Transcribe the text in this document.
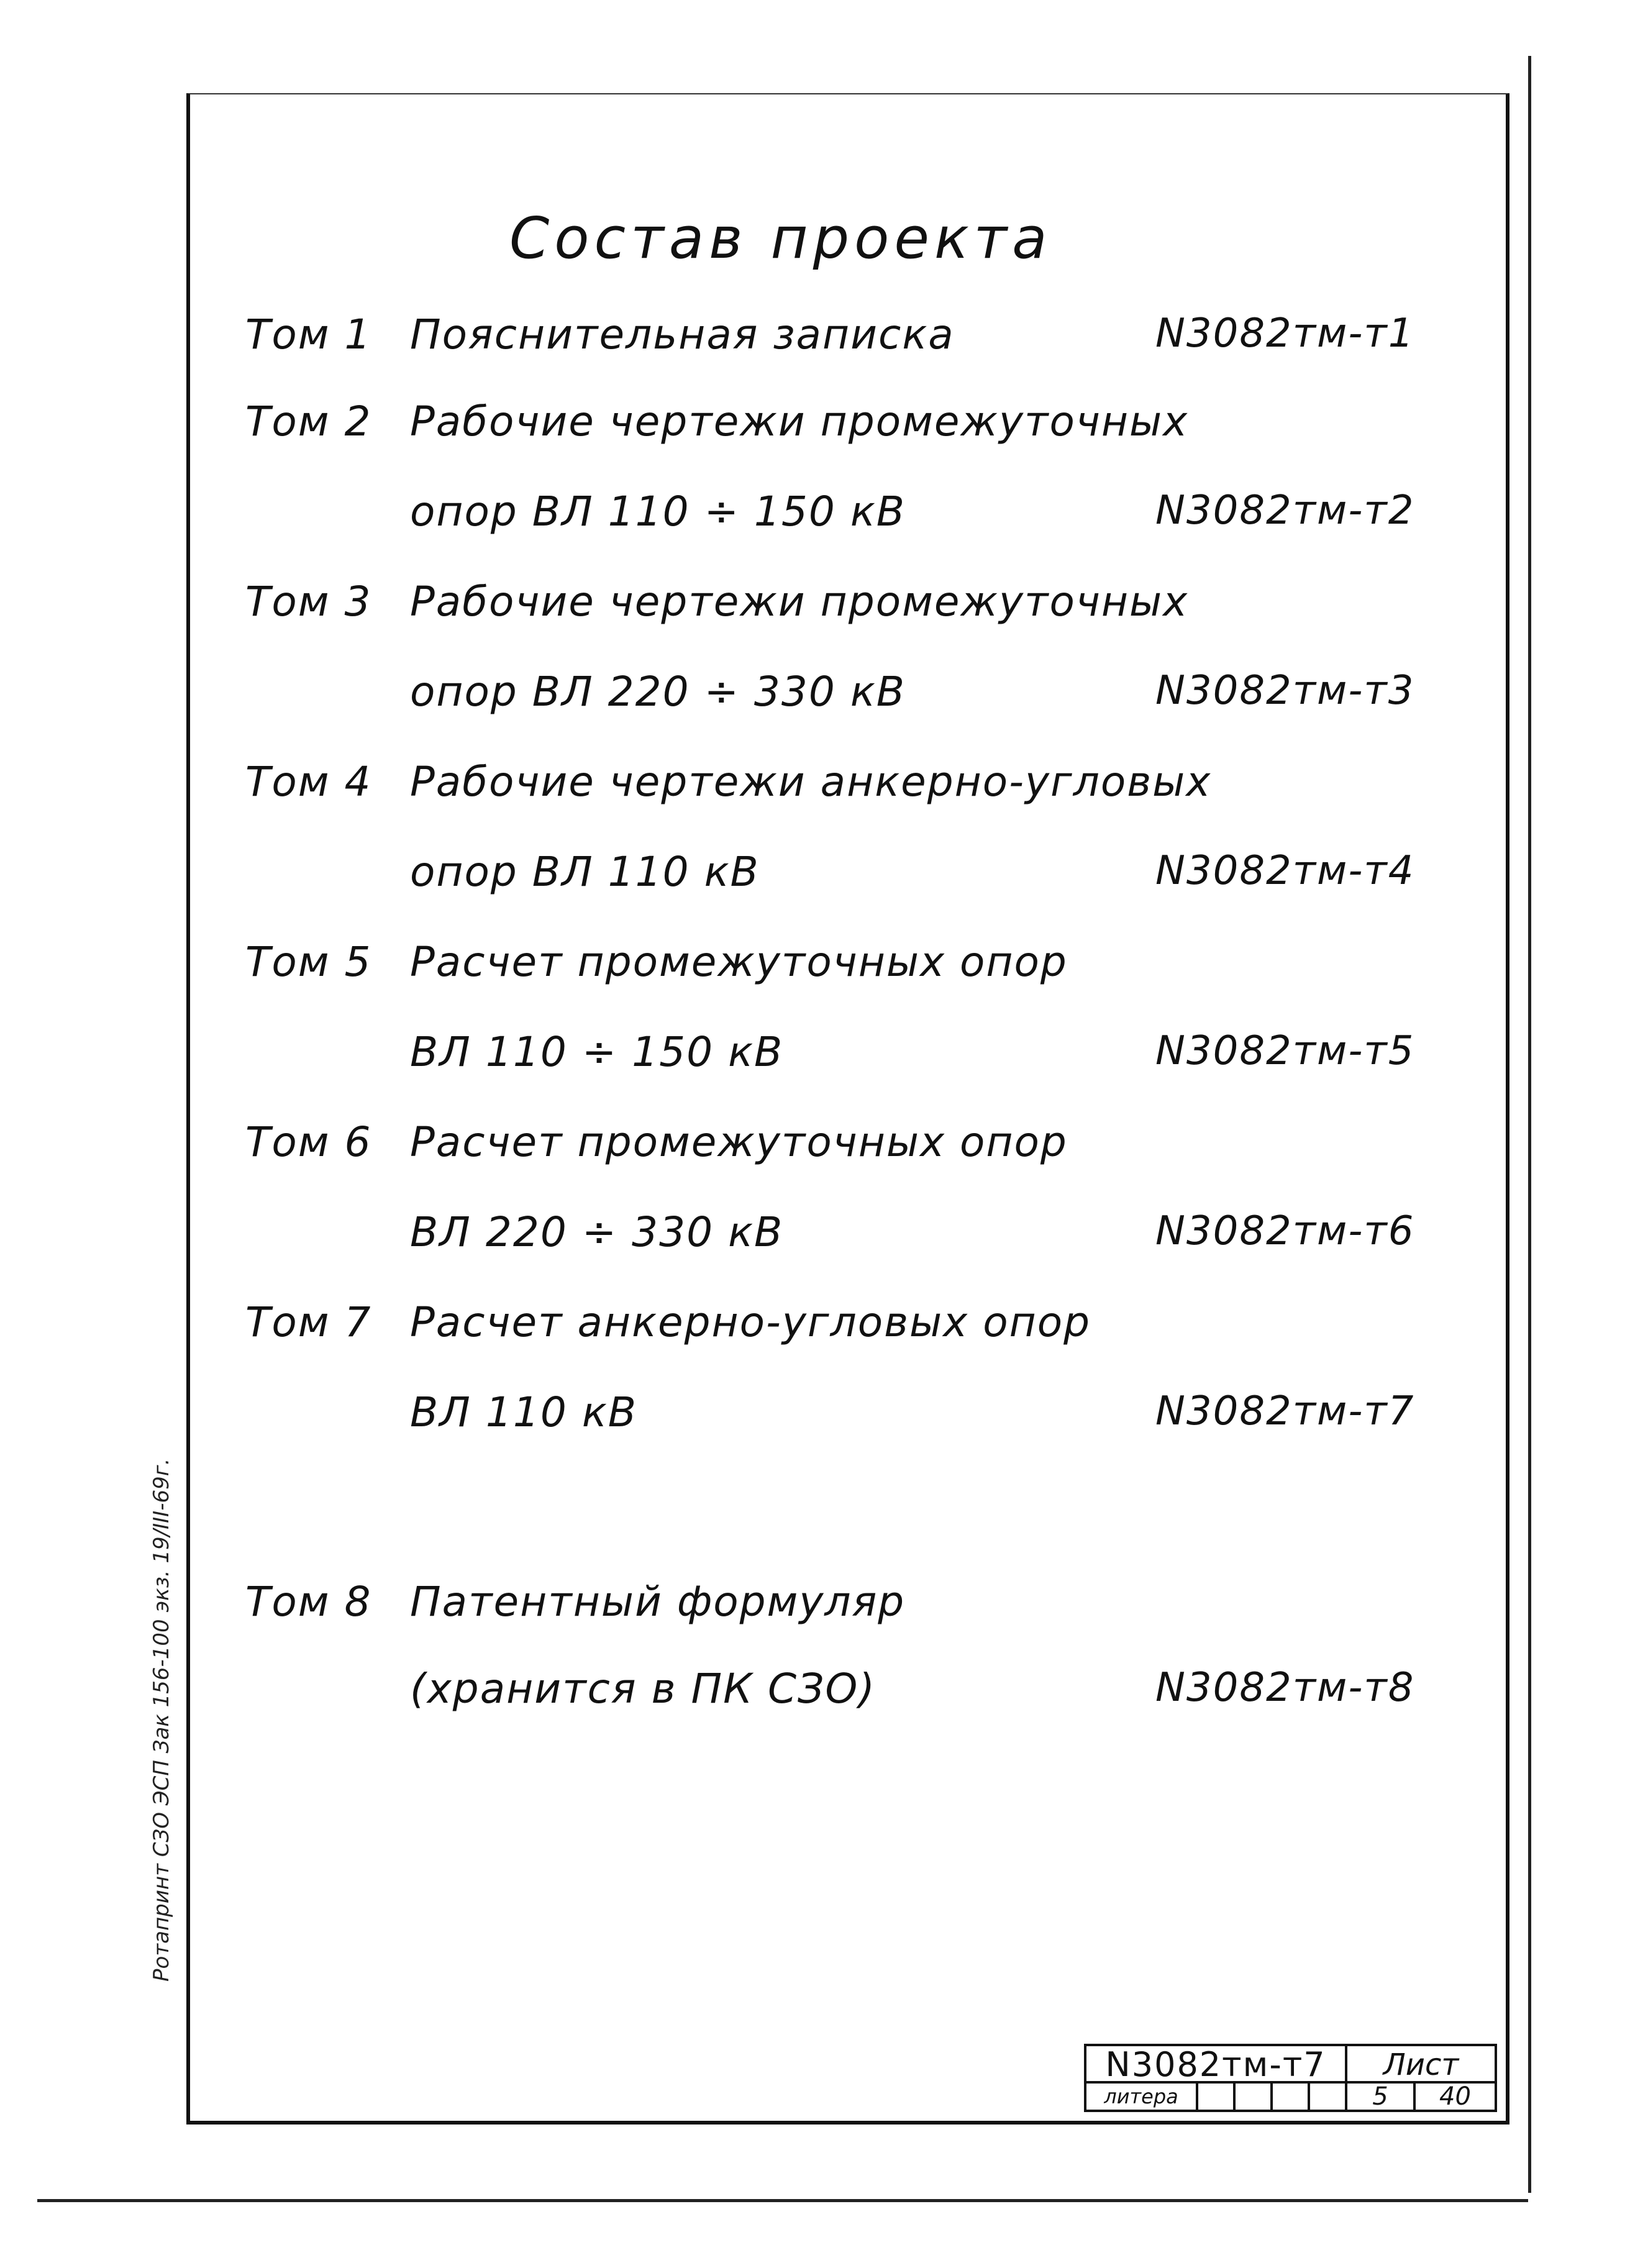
Состав проекта
Том 1 Пояснительная записка	N3082тм-т1
Том 2 Рабочие чертежи промежуточных
опор ВЛ 110 ÷ 150 кВ	N3082тм-т2
Том 3 Рабочие чертежи промежуточных
опор ВЛ 220 ÷ 330 кВ	N3082тм-т3
Том 4 Рабочие чертежи анкерно-угловых
опор ВЛ 110 кВ	N3082тм-т4
Том 5 Расчет промежуточных опор
ВЛ 110 ÷ 150 кВ	N3082тм-т5
Том 6 Расчет промежуточных опор
ВЛ 220 ÷ 330 кВ	N3082тм-т6
Том 7 Расчет анкерно-угловых опор
ВЛ 110 кВ	N3082тм-т7
Том 8 Патентный формуляр
(хранится в ПК СЗО)	N3082тм-т8
Ротапринт СЗО ЭСП Зак 156-100 экз. 19/III-69г.
N3082тм-т7	Лист
литера	5	40
